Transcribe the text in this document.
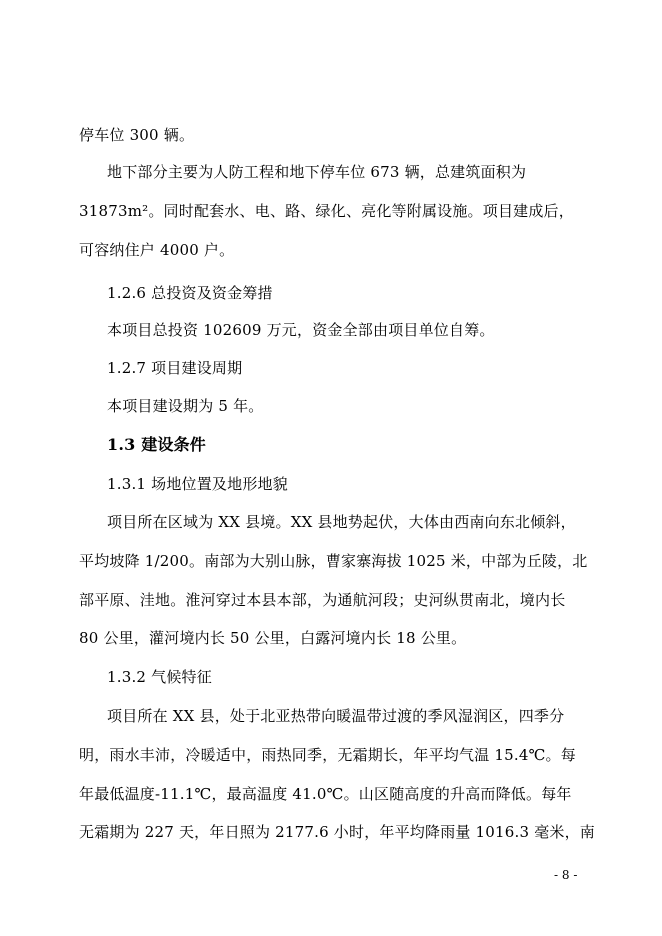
停车位 300 辆。
地下部分主要为人防工程和地下停车位 673 辆，总建筑面积为
31873m²。同时配套水、电、路、绿化、亮化等附属设施。项目建成后，
可容纳住户 4000 户。
1.2.6 总投资及资金筹措
本项目总投资 102609 万元，资金全部由项目单位自筹。
1.2.7 项目建设周期
本项目建设期为 5 年。
1.3 建设条件
1.3.1 场地位置及地形地貌
项目所在区域为 XX 县境。XX 县地势起伏，大体由西南向东北倾斜，
平均坡降 1/200。南部为大别山脉，曹家寨海拔 1025 米，中部为丘陵，北
部平原、洼地。淮河穿过本县本部，为通航河段；史河纵贯南北，境内长
80 公里，灌河境内长 50 公里，白露河境内长 18 公里。
1.3.2 气候特征
项目所在 XX 县，处于北亚热带向暖温带过渡的季风湿润区，四季分
明，雨水丰沛，冷暖适中，雨热同季，无霜期长，年平均气温 15.4℃。每
年最低温度-11.1℃，最高温度 41.0℃。山区随高度的升高而降低。每年
无霜期为 227 天，年日照为 2177.6 小时，年平均降雨量 1016.3 毫米，南
- 8 -
